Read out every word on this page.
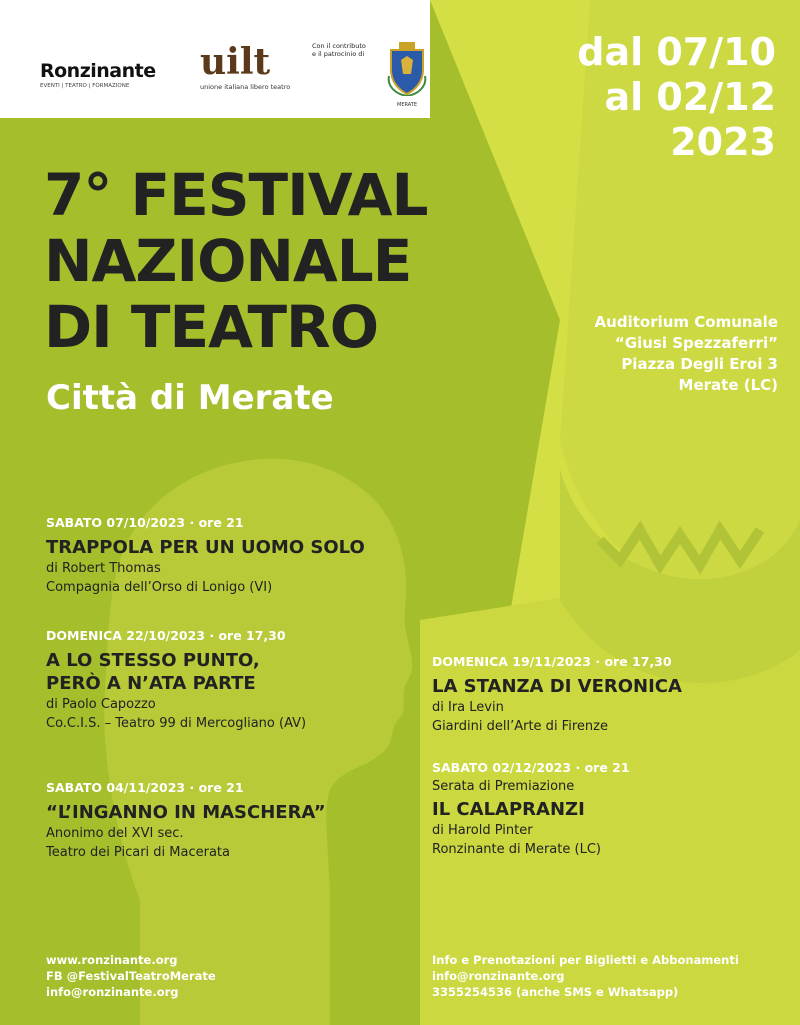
Ronzinante
EVENTI | TEATRO | FORMAZIONE
uilt
unione italiana libero teatro
Con il contributo
e il patrocinio di
MERATE
dal 07/10
al 02/12
2023
7° FESTIVAL
NAZIONALE
DI TEATRO
Città di Merate
Auditorium Comunale
“Giusi Spezzaferri”
Piazza Degli Eroi 3
Merate (LC)
SABATO 07/10/2023 · ore 21
TRAPPOLA PER UN UOMO SOLO
di Robert Thomas
Compagnia dell’Orso di Lonigo (VI)
DOMENICA 22/10/2023 · ore 17,30
A LO STESSO PUNTO,
PERÒ A N’ATA PARTE
di Paolo Capozzo
Co.C.I.S. – Teatro 99 di Mercogliano (AV)
SABATO 04/11/2023 · ore 21
“L’INGANNO IN MASCHERA”
Anonimo del XVI sec.
Teatro dei Picari di Macerata
DOMENICA 19/11/2023 · ore 17,30
LA STANZA DI VERONICA
di Ira Levin
Giardini dell’Arte di Firenze
SABATO 02/12/2023 · ore 21
Serata di Premiazione
IL CALAPRANZI
di Harold Pinter
Ronzinante di Merate (LC)
www.ronzinante.org
FB @FestivalTeatroMerate
info@ronzinante.org
Info e Prenotazioni per Biglietti e Abbonamenti
info@ronzinante.org
3355254536 (anche SMS e Whatsapp)
